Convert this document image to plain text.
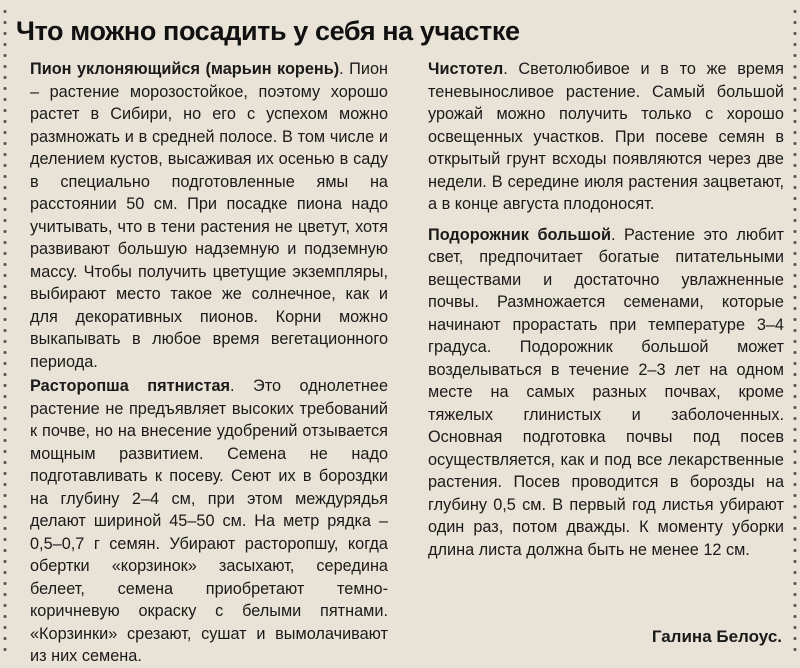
Что можно посадить у себя на участке

Пион уклоняющийся (марьин корень). Пион – растение морозостойкое, поэтому хорошо растет в Сибири, но его с успехом можно размножать и в средней полосе. В том числе и делением кустов, высаживая их осенью в саду в специально подготовленные ямы на расстоянии 50 см. При посадке пиона надо учитывать, что в тени растения не цветут, хотя развивают большую надземную и подземную массу. Чтобы получить цветущие экземпляры, выбирают место такое же солнечное, как и для декоративных пионов. Корни можно выкапывать в любое время вегетационного периода.

Расторопша пятнистая. Это однолетнее растение не предъявляет высоких требований к почве, но на внесение удобрений отзывается мощным развитием. Семена не надо подготавливать к посеву. Сеют их в бороздки на глубину 2–4 см, при этом междурядья делают шириной 45–50 см. На метр рядка – 0,5–0,7 г семян. Убирают расторопшу, когда обертки «корзинок» засыхают, середина белеет, семена приобретают темно-коричневую окраску с белыми пятнами. «Корзинки» срезают, сушат и вымолачивают из них семена.

Чистотел. Светолюбивое и в то же время теневыносливое растение. Самый большой урожай можно получить только с хорошо освещенных участков. При посеве семян в открытый грунт всходы появляются через две недели. В середине июля растения зацветают, а в конце августа плодоносят.

Подорожник большой. Растение это любит свет, предпочитает богатые питательными веществами и достаточно увлажненные почвы. Размножается семенами, которые начинают прорастать при температуре 3–4 градуса. Подорожник большой может возделываться в течение 2–3 лет на одном месте на самых разных почвах, кроме тяжелых глинистых и заболоченных. Основная подготовка почвы под посев осуществляется, как и под все лекарственные растения. Посев проводится в борозды на глубину 0,5 см. В первый год листья убирают один раз, потом дважды. К моменту уборки длина листа должна быть не менее 12 см.

Галина Белоус.
